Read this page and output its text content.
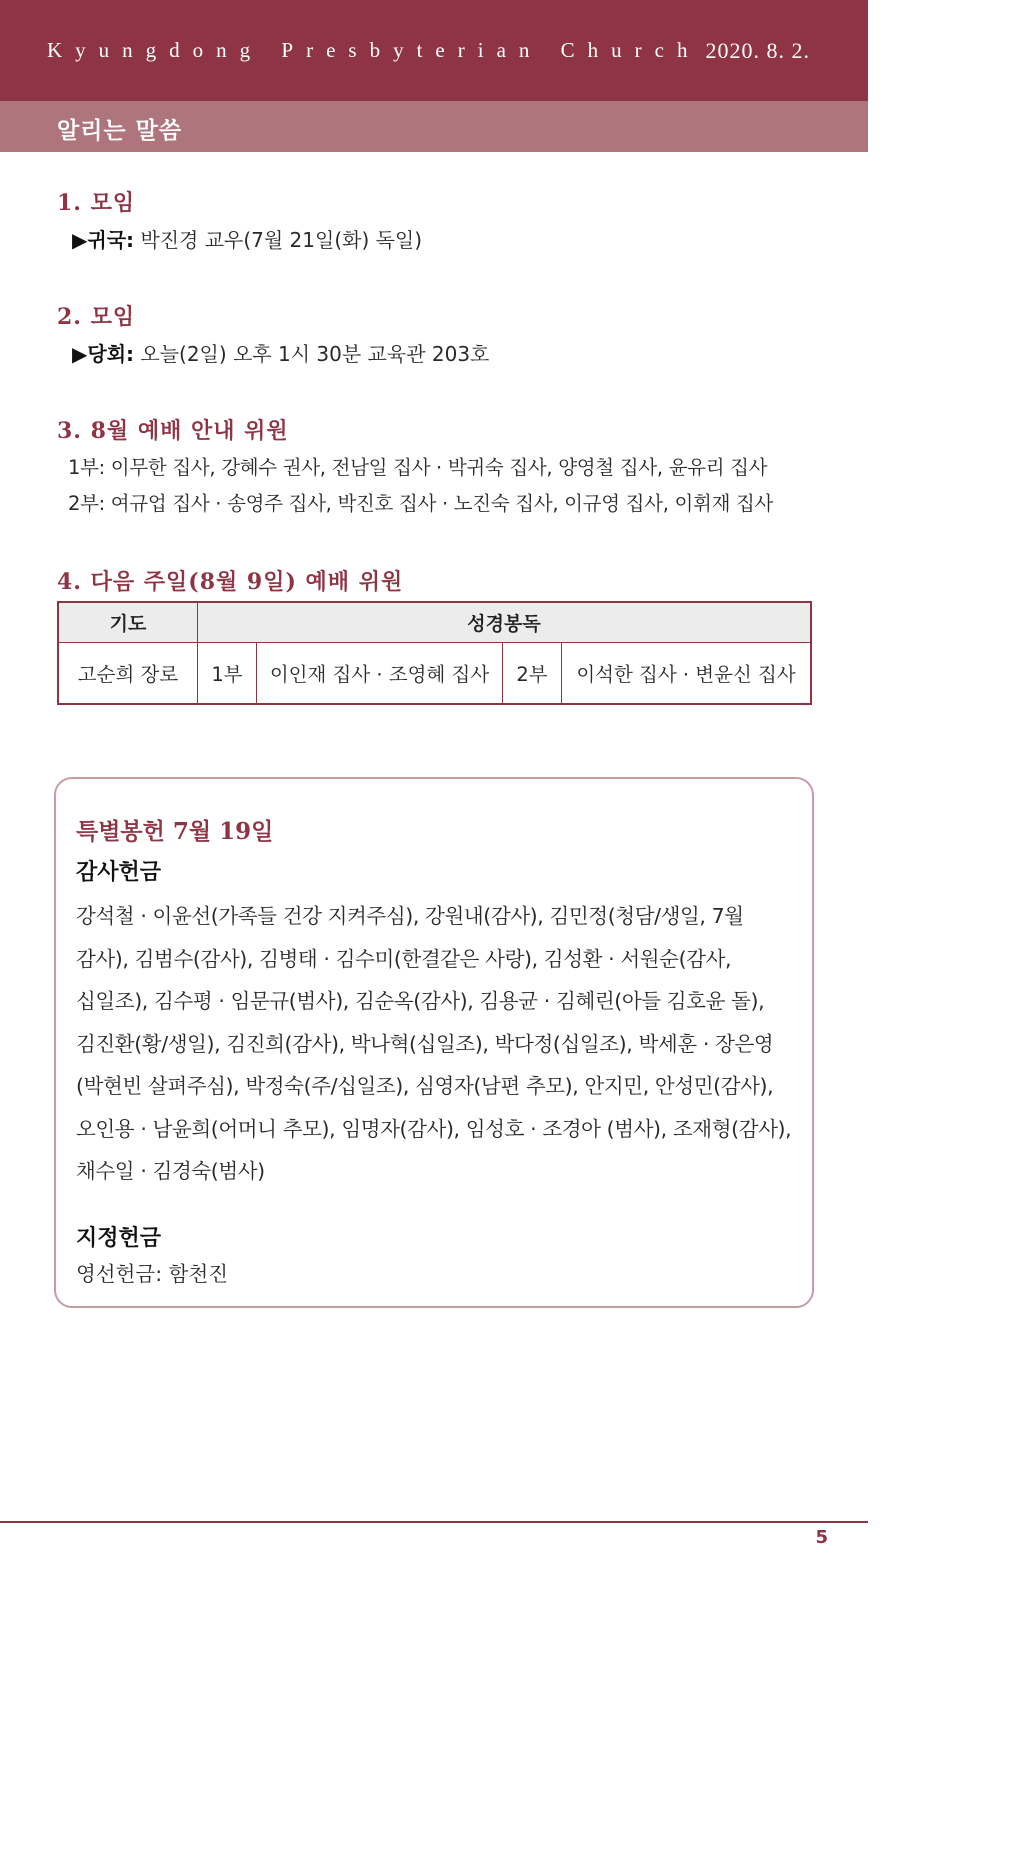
Kyungdong Presbyterian Church 2020. 8. 2.
알리는 말씀
1. 모임
▶귀국: 박진경 교우(7월 21일(화) 독일)
2. 모임
▶당회: 오늘(2일) 오후 1시 30분 교육관 203호
3. 8월 예배 안내 위원
1부: 이무한 집사, 강혜수 권사, 전남일 집사 · 박귀숙 집사, 양영철 집사, 윤유리 집사
2부: 여규업 집사 · 송영주 집사, 박진호 집사 · 노진숙 집사, 이규영 집사, 이휘재 집사
4. 다음 주일(8월 9일) 예배 위원
기도	성경봉독			
고순희 장로	1부	이인재 집사 · 조영혜 집사	2부	이석한 집사 · 변윤신 집사
특별봉헌 7월 19일
감사헌금
강석철 · 이윤선(가족들 건강 지켜주심), 강원내(감사), 김민정(청담/생일, 7월 감사), 김범수(감사), 김병태 · 김수미(한결같은 사랑), 김성환 · 서원순(감사, 십일조), 김수평 · 임문규(범사), 김순옥(감사), 김용균 · 김혜린(아들 김호윤 돌), 김진환(황/생일), 김진희(감사), 박나혁(십일조), 박다정(십일조), 박세훈 · 장은영(박현빈 살펴주심), 박정숙(주/십일조), 심영자(남편 추모), 안지민, 안성민(감사), 오인용 · 남윤희(어머니 추모), 임명자(감사), 임성호 · 조경아 (범사), 조재형(감사), 채수일 · 김경숙(범사)
지정헌금
영선헌금: 함천진
5
